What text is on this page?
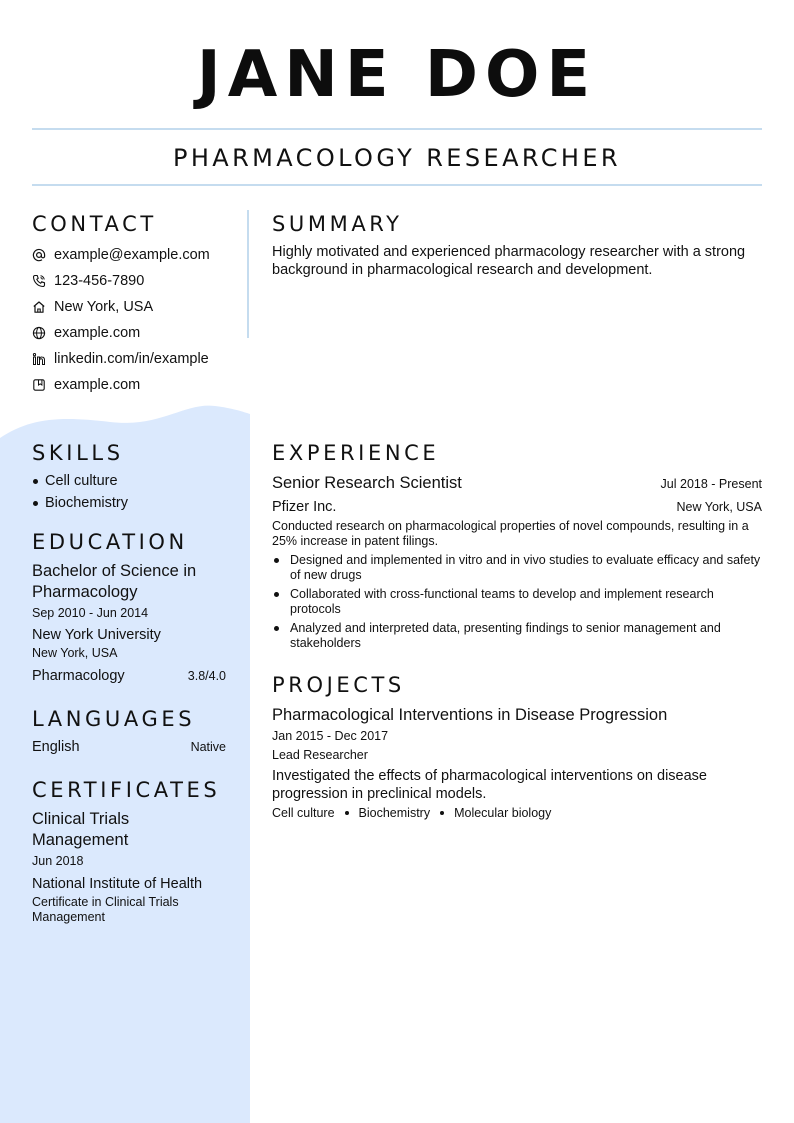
JANE DOE
PHARMACOLOGY RESEARCHER
CONTACT
example@example.com
123-456-7890
New York, USA
example.com
linkedin.com/in/example
example.com
SKILLS
Cell culture
Biochemistry
EDUCATION
Bachelor of Science in Pharmacology
Sep 2010 - Jun 2014
New York University
New York, USA
Pharmacology	3.8/4.0
LANGUAGES
English	Native
CERTIFICATES
Clinical Trials Management
Jun 2018
National Institute of Health
Certificate in Clinical Trials Management
SUMMARY
Highly motivated and experienced pharmacology researcher with a strong background in pharmacological research and development.
EXPERIENCE
Senior Research Scientist	Jul 2018 - Present
Pfizer Inc.	New York, USA
Conducted research on pharmacological properties of novel compounds, resulting in a 25% increase in patent filings.
Designed and implemented in vitro and in vivo studies to evaluate efficacy and safety of new drugs
Collaborated with cross-functional teams to develop and implement research protocols
Analyzed and interpreted data, presenting findings to senior management and stakeholders
PROJECTS
Pharmacological Interventions in Disease Progression
Jan 2015 - Dec 2017
Lead Researcher
Investigated the effects of pharmacological interventions on disease progression in preclinical models.
Cell culture Biochemistry Molecular biology
